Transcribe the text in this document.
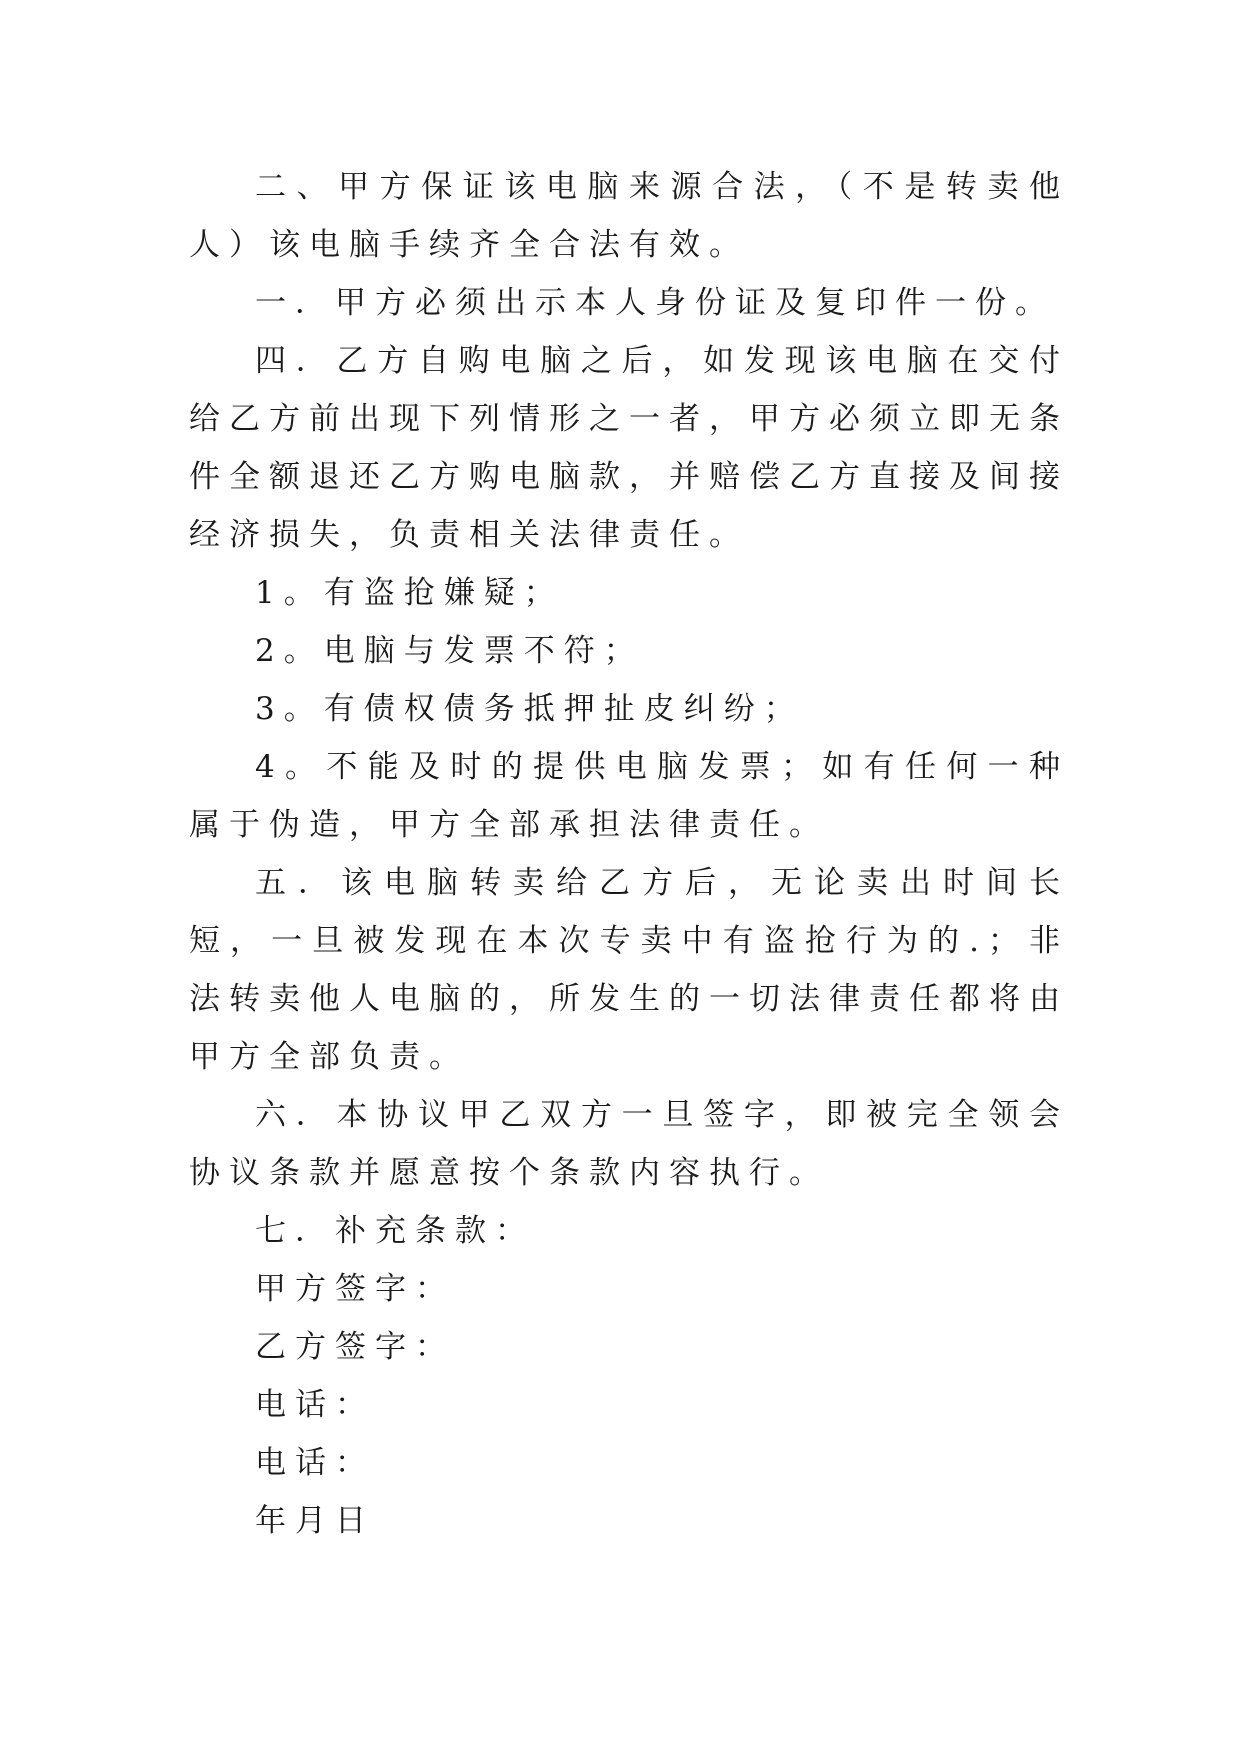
二、甲方保证该电脑来源合法，（不是转卖他人）该电脑手续齐全合法有效。

一．甲方必须出示本人身份证及复印件一份。

四．乙方自购电脑之后，如发现该电脑在交付给乙方前出现下列情形之一者，甲方必须立即无条件全额退还乙方购电脑款，并赔偿乙方直接及间接经济损失，负责相关法律责任。

1。有盗抢嫌疑；

2。电脑与发票不符；

3。有债权债务抵押扯皮纠纷；

4。不能及时的提供电脑发票；如有任何一种属于伪造，甲方全部承担法律责任。

五．该电脑转卖给乙方后，无论卖出时间长短，一旦被发现在本次专卖中有盗抢行为的.；非法转卖他人电脑的，所发生的一切法律责任都将由甲方全部负责。

六．本协议甲乙双方一旦签字，即被完全领会协议条款并愿意按个条款内容执行。

七．补充条款：

甲方签字：

乙方签字：

电话：

电话：

年月日
